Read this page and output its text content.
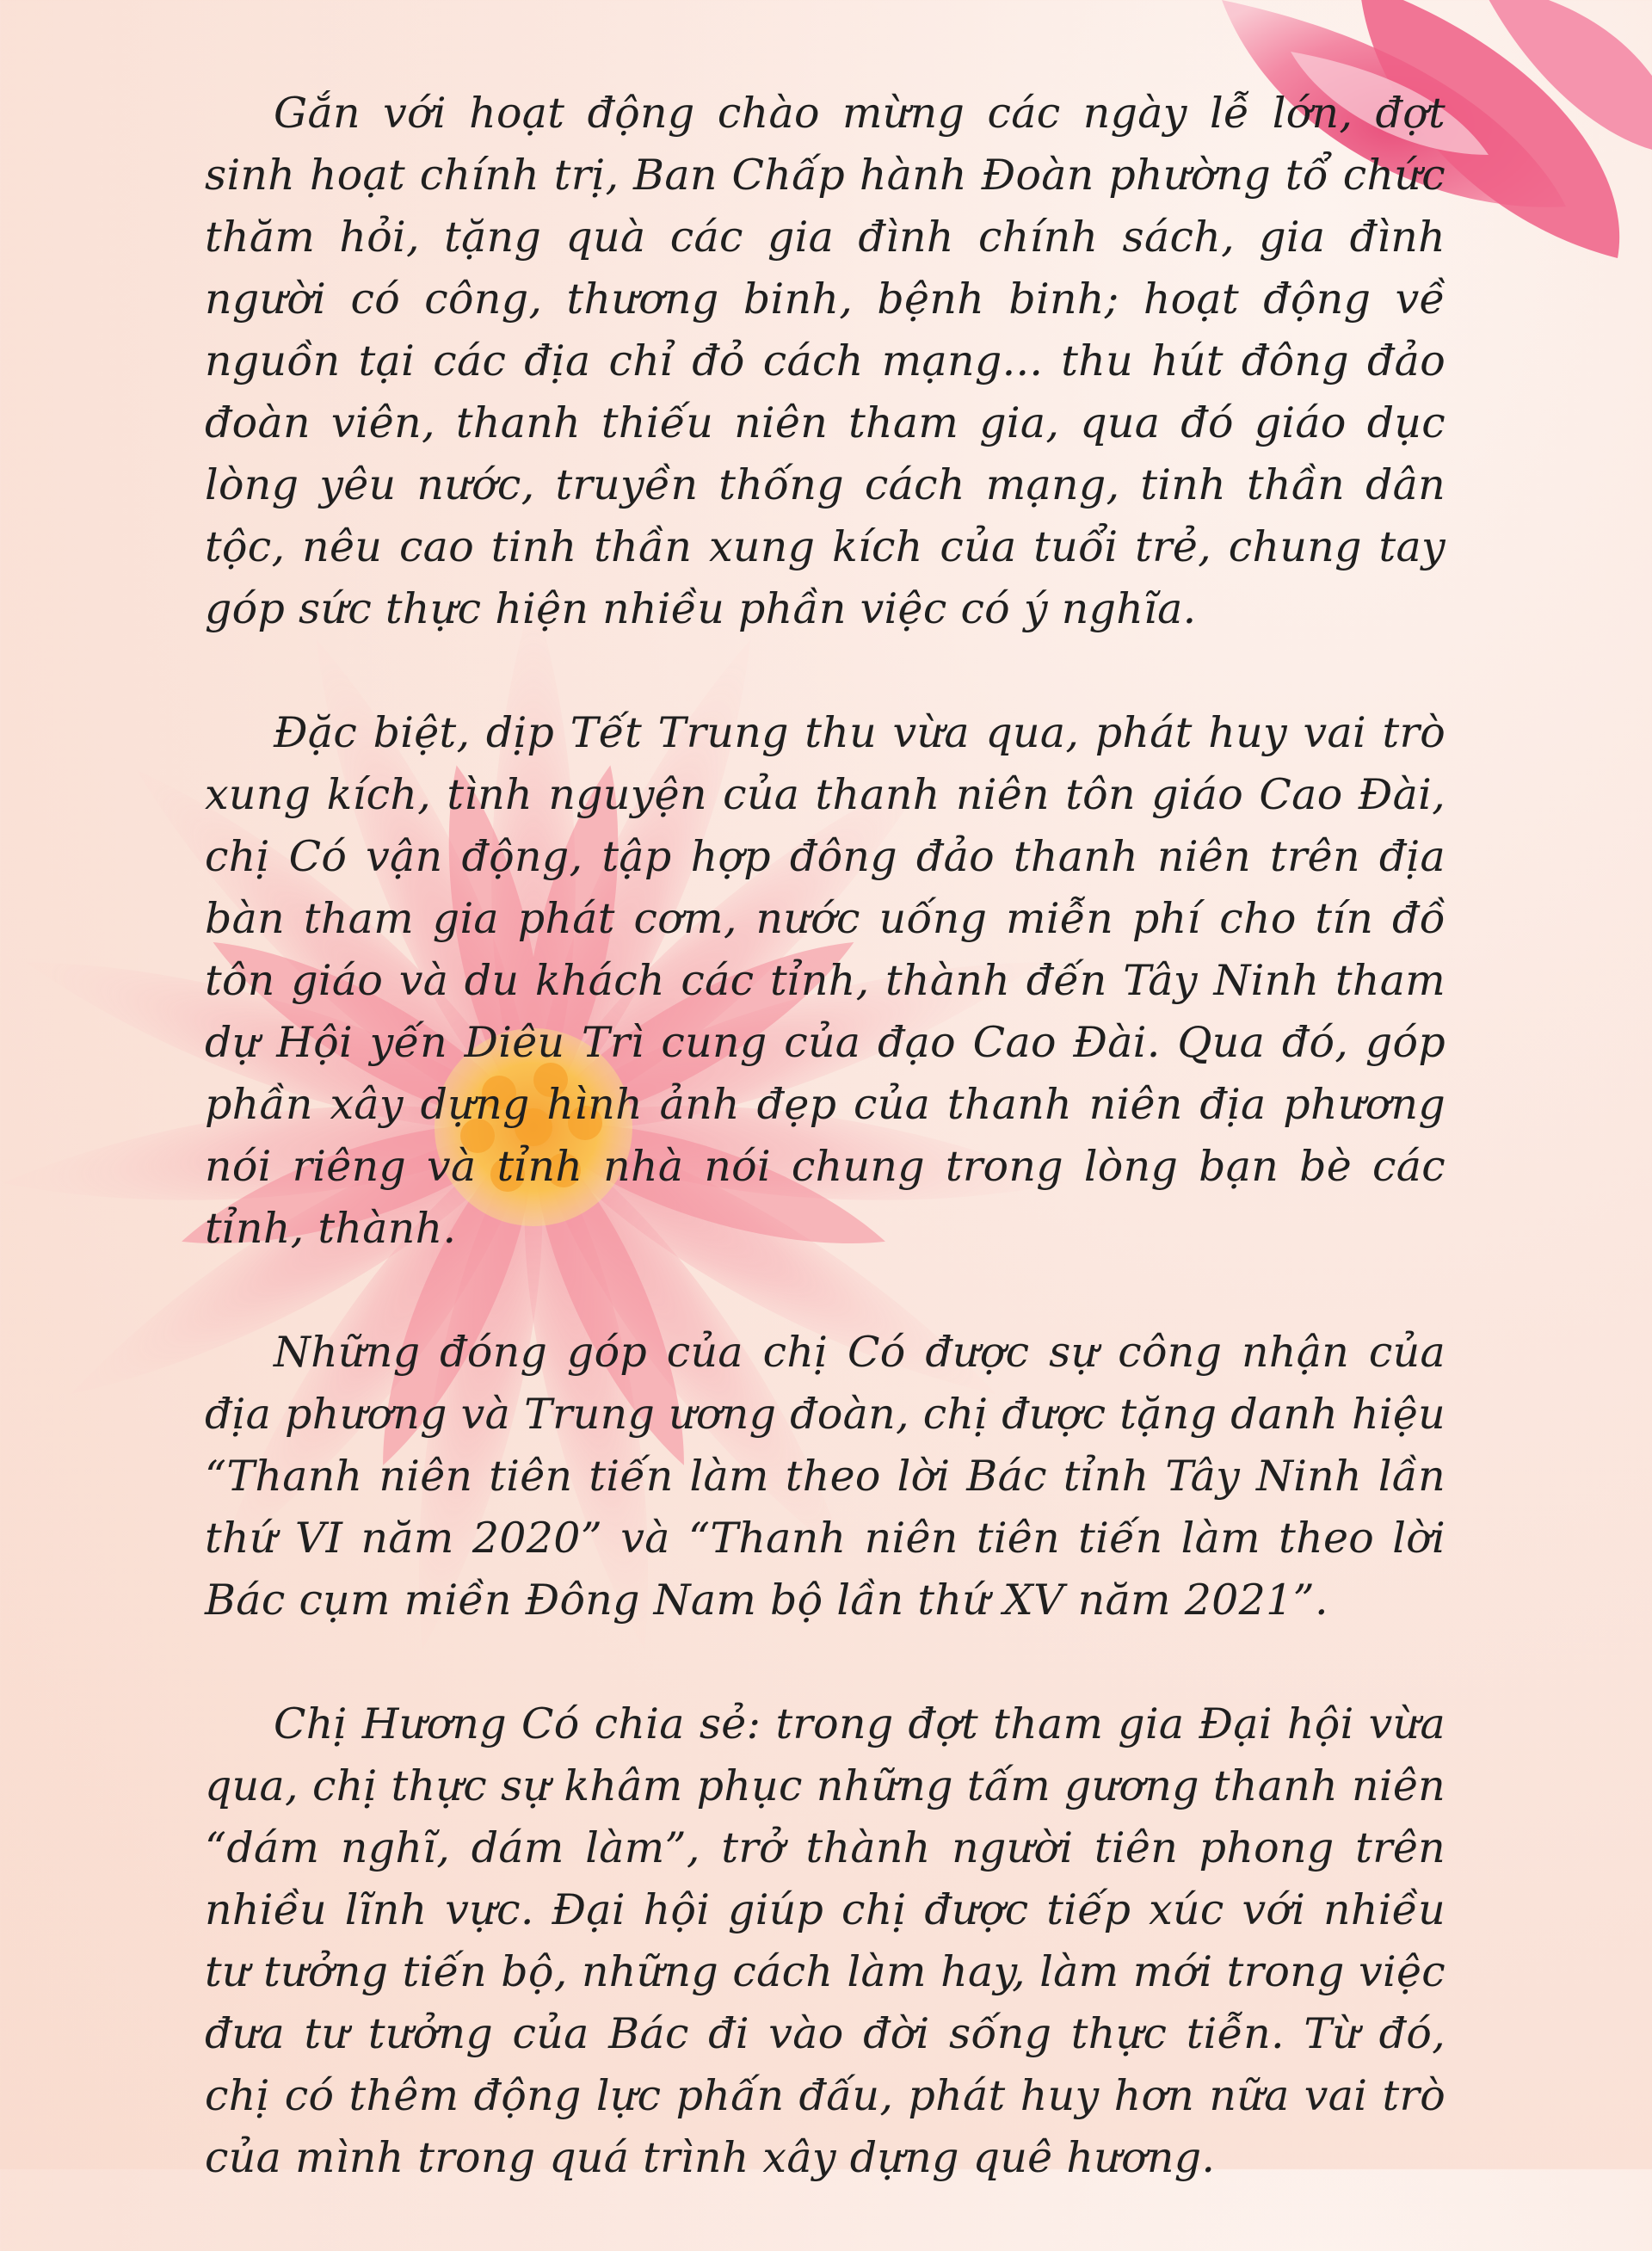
Gắn với hoạt động chào mừng các ngày lễ lớn, đợt sinh hoạt chính trị, Ban Chấp hành Đoàn phường tổ chức thăm hỏi, tặng quà các gia đình chính sách, gia đình người có công, thương binh, bệnh binh; hoạt động về nguồn tại các địa chỉ đỏ cách mạng... thu hút đông đảo đoàn viên, thanh thiếu niên tham gia, qua đó giáo dục lòng yêu nước, truyền thống cách mạng, tinh thần dân tộc, nêu cao tinh thần xung kích của tuổi trẻ, chung tay góp sức thực hiện nhiều phần việc có ý nghĩa.

Đặc biệt, dịp Tết Trung thu vừa qua, phát huy vai trò xung kích, tình nguyện của thanh niên tôn giáo Cao Đài, chị Có vận động, tập hợp đông đảo thanh niên trên địa bàn tham gia phát cơm, nước uống miễn phí cho tín đồ tôn giáo và du khách các tỉnh, thành đến Tây Ninh tham dự Hội yến Diêu Trì cung của đạo Cao Đài. Qua đó, góp phần xây dựng hình ảnh đẹp của thanh niên địa phương nói riêng và tỉnh nhà nói chung trong lòng bạn bè các tỉnh, thành.

Những đóng góp của chị Có được sự công nhận của địa phương và Trung ương đoàn, chị được tặng danh hiệu “Thanh niên tiên tiến làm theo lời Bác tỉnh Tây Ninh lần thứ VI năm 2020” và “Thanh niên tiên tiến làm theo lời Bác cụm miền Đông Nam bộ lần thứ XV năm 2021”.

Chị Hương Có chia sẻ: trong đợt tham gia Đại hội vừa qua, chị thực sự khâm phục những tấm gương thanh niên “dám nghĩ, dám làm”, trở thành người tiên phong trên nhiều lĩnh vực. Đại hội giúp chị được tiếp xúc với nhiều tư tưởng tiến bộ, những cách làm hay, làm mới trong việc đưa tư tưởng của Bác đi vào đời sống thực tiễn. Từ đó, chị có thêm động lực phấn đấu, phát huy hơn nữa vai trò của mình trong quá trình xây dựng quê hương.
